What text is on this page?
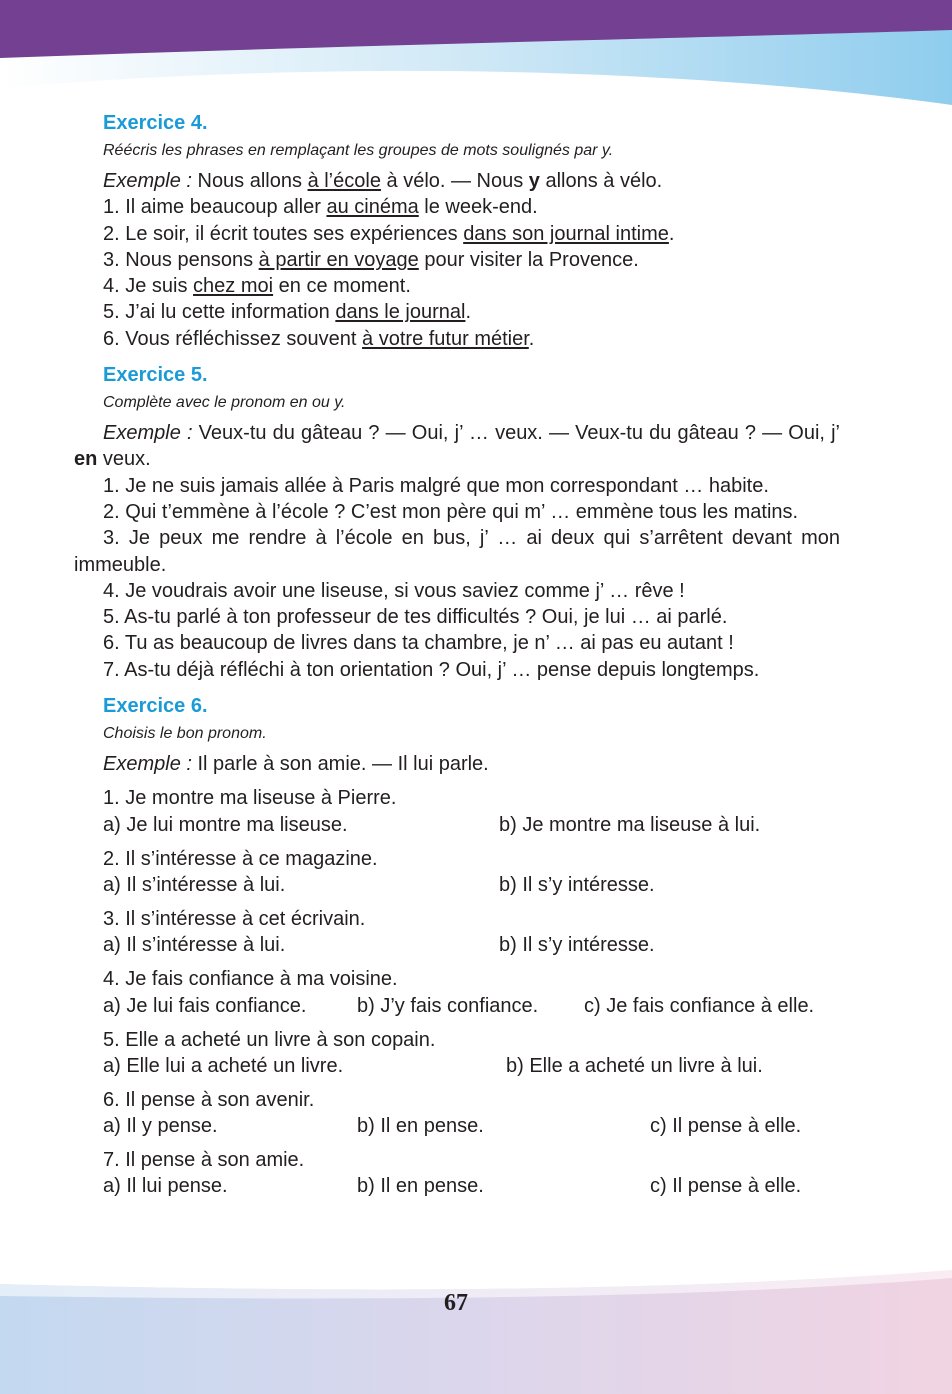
Exercice 4.
Réécris les phrases en remplaçant les groupes de mots soulignés par y.
Exemple : Nous allons à l’école à vélo. — Nous y allons à vélo.
1. Il aime beaucoup aller au cinéma le week-end.
2. Le soir, il écrit toutes ses expériences dans son journal intime.
3. Nous pensons à partir en voyage pour visiter la Provence.
4. Je suis chez moi en ce moment.
5. J’ai lu cette information dans le journal.
6. Vous réfléchissez souvent à votre futur métier.
Exercice 5.
Complète avec le pronom en ou y.
Exemple : Veux-tu du gâteau ? — Oui, j’ … veux. — Veux-tu du gâteau ? — Oui, j’ en veux.
1. Je ne suis jamais allée à Paris malgré que mon correspondant … habite.
2. Qui t’emmène à l’école ? C’est mon père qui m’ … emmène tous les matins.
3. Je peux me rendre à l’école en bus, j’ … ai deux qui s’arrêtent devant mon immeuble.
4. Je voudrais avoir une liseuse, si vous saviez comme j’ … rêve !
5. As-tu parlé à ton professeur de tes difficultés ? Oui, je lui … ai parlé.
6. Tu as beaucoup de livres dans ta chambre, je n’ … ai pas eu autant !
7. As-tu déjà réfléchi à ton orientation ? Oui, j’ … pense depuis longtemps.
Exercice 6.
Choisis le bon pronom.
Exemple : Il parle à son amie. — Il lui parle.
1. Je montre ma liseuse à Pierre.
a) Je lui montre ma liseuse.	b) Je montre ma liseuse à lui.
2. Il s’intéresse à ce magazine.
a) Il s’intéresse à lui.	b) Il s’y intéresse.
3. Il s’intéresse à cet écrivain.
a) Il s’intéresse à lui.	b) Il s’y intéresse.
4. Je fais confiance à ma voisine.
a) Je lui fais confiance.	b) J’y fais confiance. c) Je fais confiance à elle.
5. Elle a acheté un livre à son copain.
a) Elle lui a acheté un livre.	b) Elle a acheté un livre à lui.
6. Il pense à son avenir.
a) Il y pense.	b) Il en pense.	c) Il pense à elle.
7. Il pense à son amie.
a) Il lui pense.	b) Il en pense.	c) Il pense à elle.
67
